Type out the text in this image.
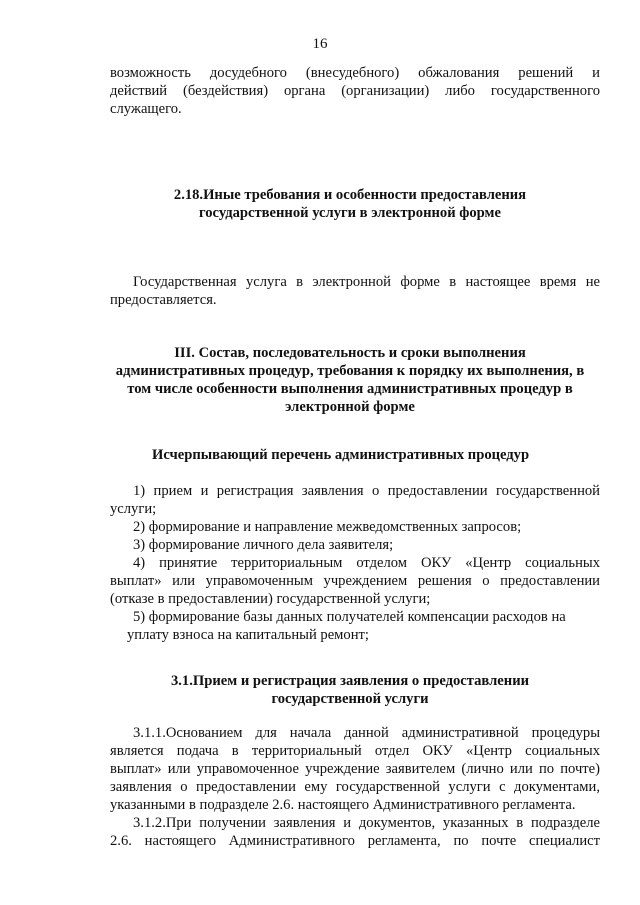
16
возможность досудебного (внесудебного) обжалования решений и
действий (бездействия) органа (организации) либо государственного
служащего.
2.18.Иные требования и особенности предоставления
государственной услуги в электронной форме
Государственная услуга в электронной форме в настоящее время не
предоставляется.
III. Состав, последовательность и сроки выполнения
административных процедур, требования к порядку их выполнения, в
том числе особенности выполнения административных процедур в
электронной форме
Исчерпывающий перечень административных процедур
1) прием и регистрация заявления о предоставлении государственной
услуги;
2) формирование и направление межведомственных запросов;
3) формирование личного дела заявителя;
4) принятие территориальным отделом ОКУ «Центр социальных
выплат» или управомоченным учреждением решения о предоставлении
(отказе в предоставлении) государственной услуги;
5) формирование базы данных получателей компенсации расходов на
уплату взноса на капитальный ремонт;
3.1.Прием и регистрация заявления о предоставлении
государственной услуги
3.1.1.Основанием для начала данной административной процедуры
является подача в территориальный отдел ОКУ «Центр социальных
выплат» или управомоченное учреждение заявителем (лично или по почте)
заявления о предоставлении ему государственной услуги с документами,
указанными в подразделе 2.6. настоящего Административного регламента.
3.1.2.При получении заявления и документов, указанных в подразделе
2.6. настоящего Административного регламента, по почте специалист
